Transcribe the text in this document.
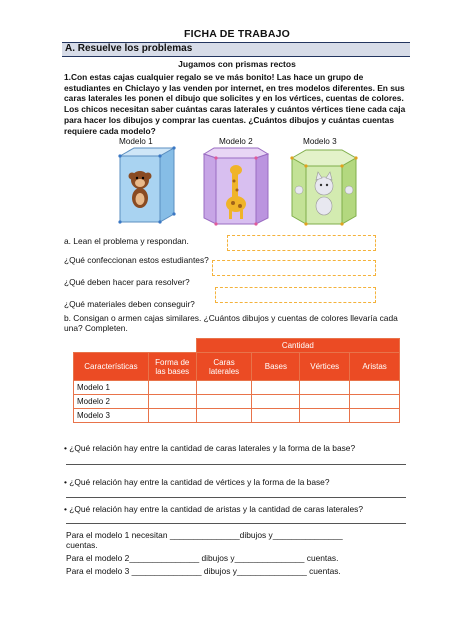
FICHA DE TRABAJO
A. Resuelve los problemas
Jugamos con prismas rectos
1.Con estas cajas cualquier regalo se ve más bonito! Las hace un grupo de estudiantes en Chiclayo y las venden por internet, en tres modelos diferentes. En sus caras laterales les ponen el dibujo que solicites y en los vértices, cuentas de colores. Los chicos necesitan saber cuántas caras laterales y cuántos vértices tiene cada caja para hacer los dibujos y comprar las cuentas. ¿Cuántos dibujos y cuántas cuentas requiere cada modelo?
Modelo 1	Modelo 2	Modelo 3
a. Lean el problema y respondan.
¿Qué confeccionan estos estudiantes?
¿Qué deben hacer para resolver?
¿Qué materiales deben conseguir?
b. Consigan o armen cajas similares. ¿Cuántos dibujos y cuentas de colores llevaría cada una? Completen.
		Cantidad			
Características	Forma de las bases	Caras laterales	Bases	Vértices	Aristas
Modelo 1					
Modelo 2					
Modelo 3					
• ¿Qué relación hay entre la cantidad de caras laterales y la forma de la base?
• ¿Qué relación hay entre la cantidad de vértices y la forma de la base?
• ¿Qué relación hay entre la cantidad de aristas y la cantidad de caras laterales?
Para el modelo 1 necesitan _______________dibujos y_______________
cuentas.
Para el modelo 2_______________ dibujos y_______________ cuentas.
Para el modelo 3 _______________ dibujos y_______________ cuentas.
